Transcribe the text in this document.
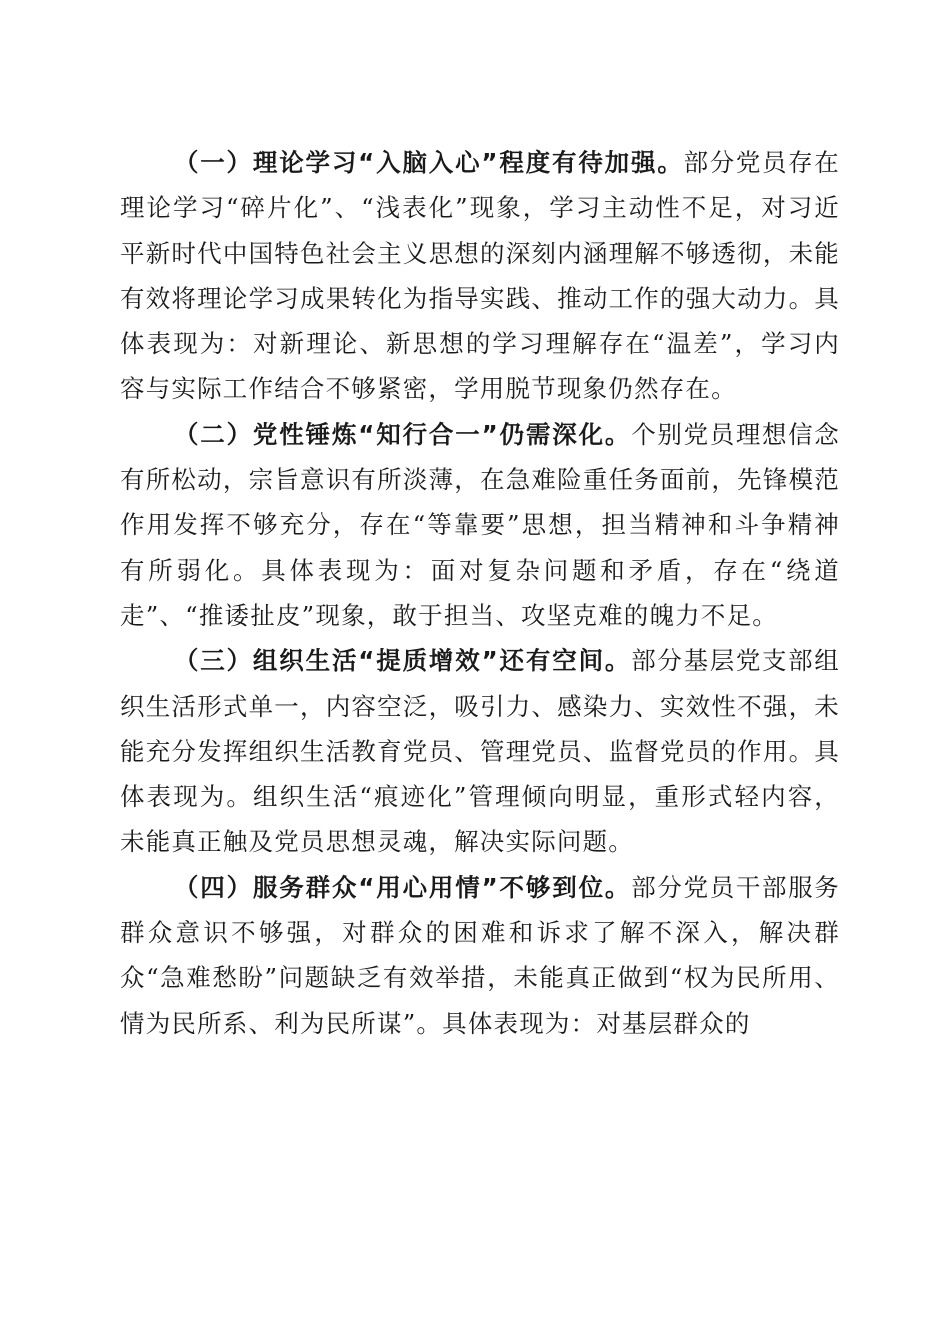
（一）理论学习“入脑入心”程度有待加强。部分党员存在理论学习“碎片化”、“浅表化”现象，学习主动性不足，对习近平新时代中国特色社会主义思想的深刻内涵理解不够透彻，未能有效将理论学习成果转化为指导实践、推动工作的强大动力。具体表现为：对新理论、新思想的学习理解存在“温差”，学习内容与实际工作结合不够紧密，学用脱节现象仍然存在。

（二）党性锤炼“知行合一”仍需深化。个别党员理想信念有所松动，宗旨意识有所淡薄，在急难险重任务面前，先锋模范作用发挥不够充分，存在“等靠要”思想，担当精神和斗争精神有所弱化。具体表现为：面对复杂问题和矛盾，存在“绕道走”、“推诿扯皮”现象，敢于担当、攻坚克难的魄力不足。

（三）组织生活“提质增效”还有空间。部分基层党支部组织生活形式单一，内容空泛，吸引力、感染力、实效性不强，未能充分发挥组织生活教育党员、管理党员、监督党员的作用。具体表现为。组织生活“痕迹化”管理倾向明显，重形式轻内容，未能真正触及党员思想灵魂，解决实际问题。

（四）服务群众“用心用情”不够到位。部分党员干部服务群众意识不够强，对群众的困难和诉求了解不深入，解决群众“急难愁盼”问题缺乏有效举措，未能真正做到“权为民所用、情为民所系、利为民所谋”。具体表现为：对基层群众的
